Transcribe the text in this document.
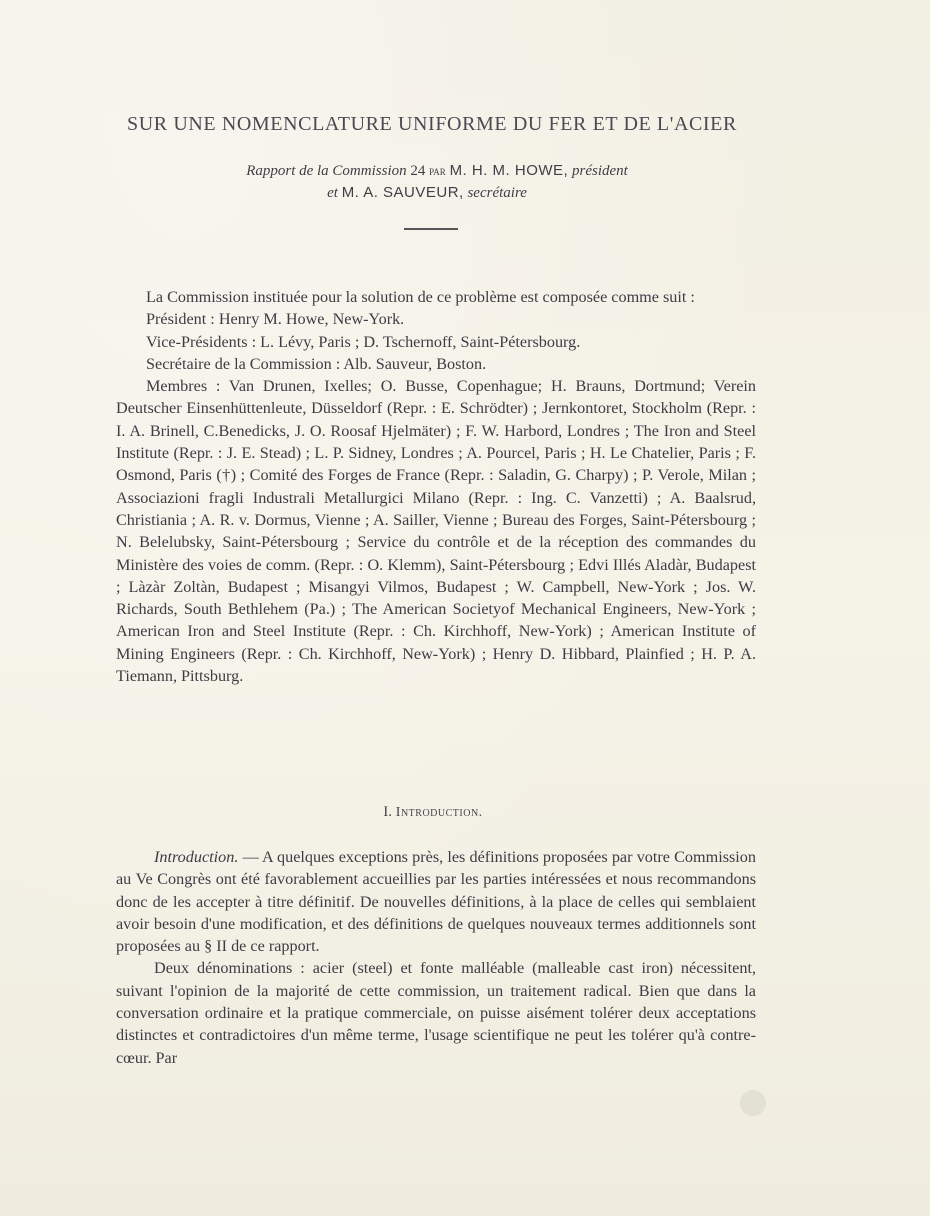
SUR UNE NOMENCLATURE UNIFORME DU FER ET DE L'ACIER
Rapport de la Commission 24 par M. H. M. HOWE, président
et M. A. SAUVEUR, secrétaire

La Commission instituée pour la solution de ce problème est composée comme suit :

Président : Henry M. Howe, New-York.

Vice-Présidents : L. Lévy, Paris ; D. Tschernoff, Saint-Pétersbourg.

Secrétaire de la Commission : Alb. Sauveur, Boston.

Membres : Van Drunen, Ixelles; O. Busse, Copenhague; H. Brauns, Dortmund; Verein Deutscher Einsenhüttenleute, Düsseldorf (Repr. : E. Schrödter) ; Jernkontoret, Stockholm (Repr. : I. A. Brinell, C.Benedicks, J. O. Roosaf Hjelmäter) ; F. W. Harbord, Londres ; The Iron and Steel Institute (Repr. : J. E. Stead) ; L. P. Sidney, Londres ; A. Pourcel, Paris ; H. Le Chatelier, Paris ; F. Osmond, Paris (†) ; Comité des Forges de France (Repr. : Saladin, G. Charpy) ; P. Verole, Milan ; Associazioni fragli Industrali Metallurgici Milano (Repr. : Ing. C. Vanzetti) ; A. Baalsrud, Christiania ; A. R. v. Dormus, Vienne ; A. Sailler, Vienne ; Bureau des Forges, Saint-Pétersbourg ; N. Belelubsky, Saint-Pétersbourg ; Service du contrôle et de la réception des commandes du Ministère des voies de comm. (Repr. : O. Klemm), Saint-Pétersbourg ; Edvi Illés Aladàr, Budapest ; Làzàr Zoltàn, Budapest ; Misangyi Vilmos, Budapest ; W. Campbell, New-York ; Jos. W. Richards, South Bethlehem (Pa.) ; The American Societyof Mechanical Engineers, New-York ; American Iron and Steel Institute (Repr. : Ch. Kirchhoff, New-York) ; American Institute of Mining Engineers (Repr. : Ch. Kirchhoff, New-York) ; Henry D. Hibbard, Plainfied ; H. P. A. Tiemann, Pittsburg.

I. Introduction.

Introduction. — A quelques exceptions près, les définitions proposées par votre Commission au Ve Congrès ont été favorablement accueillies par les parties intéressées et nous recommandons donc de les accepter à titre définitif. De nouvelles définitions, à la place de celles qui semblaient avoir besoin d'une modification, et des définitions de quelques nouveaux termes additionnels sont proposées au § II de ce rapport.

Deux dénominations : acier (steel) et fonte malléable (malleable cast iron) nécessitent, suivant l'opinion de la majorité de cette commission, un traitement radical. Bien que dans la conversation ordinaire et la pratique commerciale, on puisse aisément tolérer deux acceptations distinctes et contradictoires d'un même terme, l'usage scientifique ne peut les tolérer qu'à contre-cœur. Par
